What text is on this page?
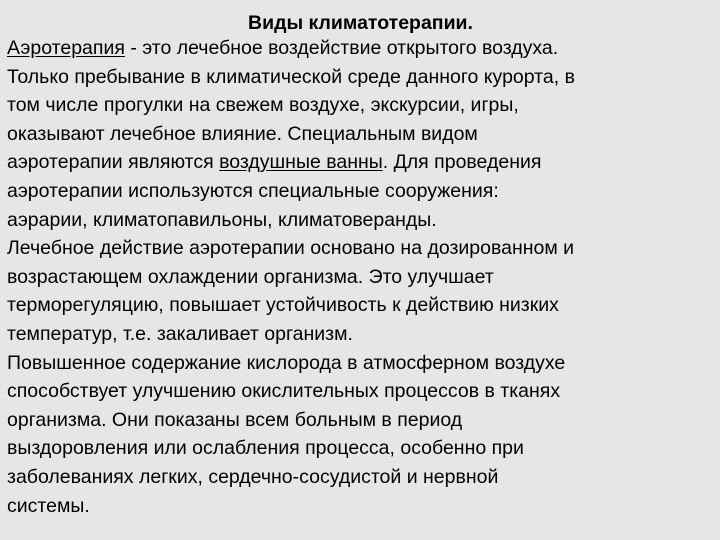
Виды климатотерапии.
Аэротерапия - это лечебное воздействие открытого воздуха.
Только пребывание в климатической среде данного курорта, в
том числе прогулки на свежем воздухе, экскурсии, игры,
оказывают лечебное влияние. Специальным видом
аэротерапии являются воздушные ванны. Для проведения
аэротерапии используются специальные сооружения:
аэрарии, климатопавильоны, климатоверанды.
Лечебное действие аэротерапии основано на дозированном и
возрастающем охлаждении организма. Это улучшает
терморегуляцию, повышает устойчивость к действию низких
температур, т.е. закаливает организм.
Повышенное содержание кислорода в атмосферном воздухе
способствует улучшению окислительных процессов в тканях
организма. Они показаны всем больным в период
выздоровления или ослабления процесса, особенно при
заболеваниях легких, сердечно-сосудистой и нервной
системы.
